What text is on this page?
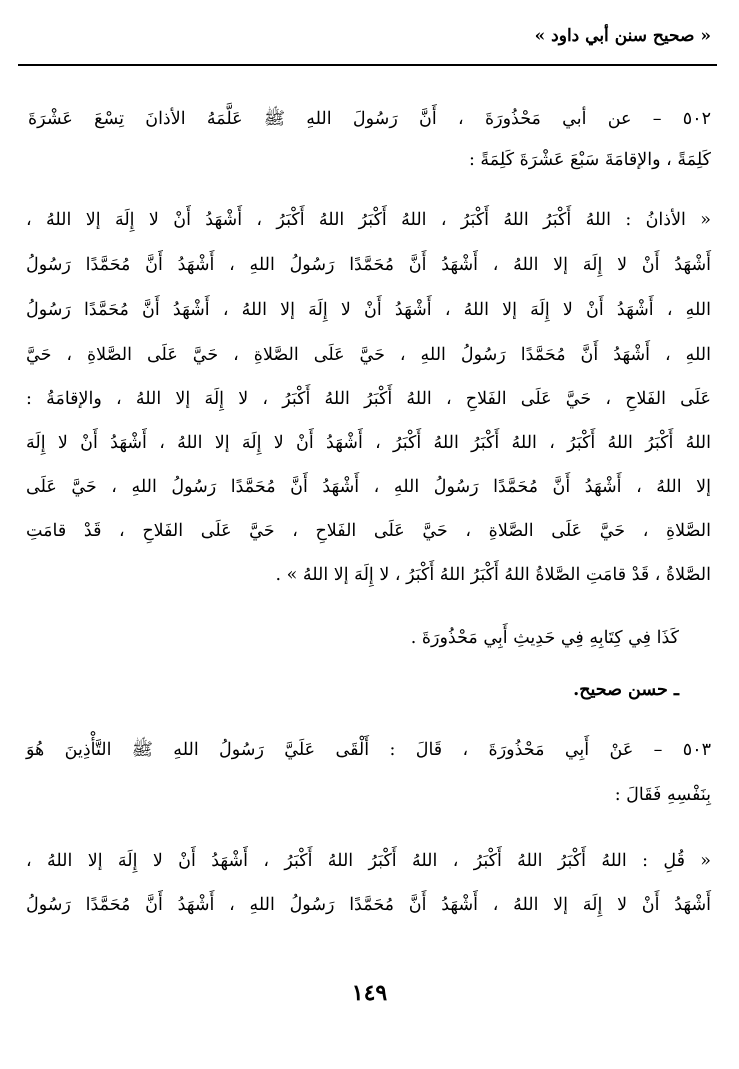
« صحيح سنن أبي داود »
٥٠٢ – عن أبي مَحْذُورَةَ ، أَنَّ رَسُولَ اللهِ ﷺ عَلَّمَهُ الأذانَ تِسْعَ عَشْرَةَ
كَلِمَةً ، والإقامَةَ سَبْعَ عَشْرَةَ كَلِمَةً :
« الأذانُ : اللهُ أَكْبَرُ اللهُ أَكْبَرُ ، اللهُ أَكْبَرُ اللهُ أَكْبَرُ ، أَشْهَدُ أَنْ لا إِلَهَ إلا اللهُ ،
أَشْهَدُ أَنْ لا إِلَهَ إلا اللهُ ، أَشْهَدُ أَنَّ مُحَمَّدًا رَسُولُ اللهِ ، أَشْهَدُ أَنَّ مُحَمَّدًا رَسُولُ
اللهِ ، أَشْهَدُ أَنْ لا إِلَهَ إلا اللهُ ، أَشْهَدُ أَنْ لا إِلَهَ إلا اللهُ ، أَشْهَدُ أَنَّ مُحَمَّدًا رَسُولُ
اللهِ ، أَشْهَدُ أَنَّ مُحَمَّدًا رَسُولُ اللهِ ، حَيَّ عَلَى الصَّلاةِ ، حَيَّ عَلَى الصَّلاةِ ، حَيَّ
عَلَى الفَلاحِ ، حَيَّ عَلَى الفَلاحِ ، اللهُ أَكْبَرُ اللهُ أَكْبَرُ ، لا إِلَهَ إلا اللهُ ، والإقامَةُ :
اللهُ أَكْبَرُ اللهُ أَكْبَرُ ، اللهُ أَكْبَرُ اللهُ أَكْبَرُ ، أَشْهَدُ أَنْ لا إِلَهَ إلا اللهُ ، أَشْهَدُ أَنْ لا إِلَهَ
إلا اللهُ ، أَشْهَدُ أَنَّ مُحَمَّدًا رَسُولُ اللهِ ، أَشْهَدُ أَنَّ مُحَمَّدًا رَسُولُ اللهِ ، حَيَّ عَلَى
الصَّلاةِ ، حَيَّ عَلَى الصَّلاةِ ، حَيَّ عَلَى الفَلاحِ ، حَيَّ عَلَى الفَلاحِ ، قَدْ قامَتِ
الصَّلاةُ ، قَدْ قامَتِ الصَّلاةُ اللهُ أَكْبَرُ اللهُ أَكْبَرُ ، لا إِلَهَ إلا اللهُ » .
كَذَا فِي كِتَابِهِ فِي حَدِيثِ أَبِي مَحْذُورَةَ .
ـ حسن صحيح.
٥٠٣ – عَنْ أَبِي مَحْذُورَةَ ، قَالَ : أَلْقَى عَلَيَّ رَسُولُ اللهِ ﷺ التَّأْذِينَ هُوَ
بِنَفْسِهِ فَقَالَ :
« قُلِ : اللهُ أَكْبَرُ اللهُ أَكْبَرُ ، اللهُ أَكْبَرُ اللهُ أَكْبَرُ ، أَشْهَدُ أَنْ لا إِلَهَ إلا اللهُ ،
أَشْهَدُ أَنْ لا إِلَهَ إلا اللهُ ، أَشْهَدُ أَنَّ مُحَمَّدًا رَسُولُ اللهِ ، أَشْهَدُ أَنَّ مُحَمَّدًا رَسُولُ
١٤٩
